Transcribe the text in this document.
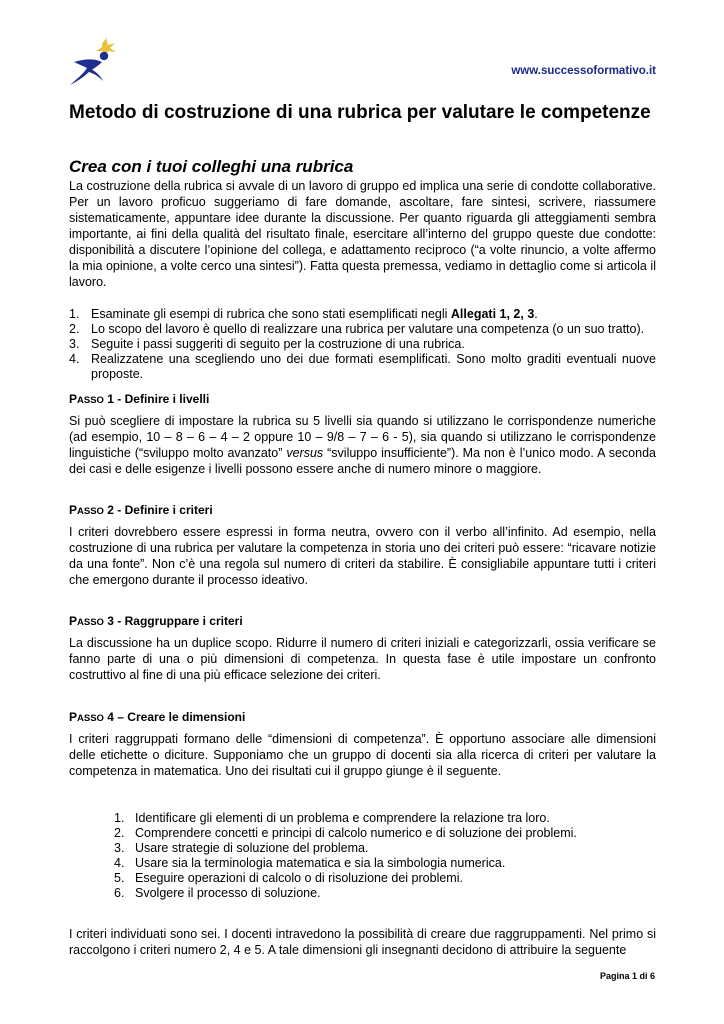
www.successoformativo.it
Metodo di costruzione di una rubrica per valutare le competenze
Crea con i tuoi colleghi una rubrica

La costruzione della rubrica si avvale di un lavoro di gruppo ed implica una serie di condotte collaborative. Per un lavoro proficuo suggeriamo di fare domande, ascoltare, fare sintesi, scrivere, riassumere sistematicamente, appuntare idee durante la discussione. Per quanto riguarda gli atteggiamenti sembra importante, ai fini della qualità del risultato finale, esercitare all’interno del gruppo queste due condotte: disponibilità a discutere l’opinione del collega, e adattamento reciproco (“a volte rinuncio, a volte affermo la mia opinione, a volte cerco una sintesi”). Fatta questa premessa, vediamo in dettaglio come si articola il lavoro.

1. Esaminate gli esempi di rubrica che sono stati esemplificati negli Allegati 1, 2, 3.
2. Lo scopo del lavoro è quello di realizzare una rubrica per valutare una competenza (o un suo tratto).
3. Seguite i passi suggeriti di seguito per la costruzione di una rubrica.
4. Realizzatene una scegliendo uno dei due formati esemplificati. Sono molto graditi eventuali nuove proposte.
PASSO 1 - Definire i livelli

Si può scegliere di impostare la rubrica su 5 livelli sia quando si utilizzano le corrispondenze numeriche (ad esempio, 10 – 8 – 6 – 4 – 2 oppure 10 – 9/8 – 7 – 6 - 5), sia quando si utilizzano le corrispondenze linguistiche (“sviluppo molto avanzato” versus “sviluppo insufficiente”). Ma non è l’unico modo. A seconda dei casi e delle esigenze i livelli possono essere anche di numero minore o maggiore.

PASSO 2 - Definire i criteri

I criteri dovrebbero essere espressi in forma neutra, ovvero con il verbo all’infinito. Ad esempio, nella costruzione di una rubrica per valutare la competenza in storia uno dei criteri può essere: “ricavare notizie da una fonte”. Non c’è una regola sul numero di criteri da stabilire. È consigliabile appuntare tutti i criteri che emergono durante il processo ideativo.

PASSO 3 - Raggruppare i criteri

La discussione ha un duplice scopo. Ridurre il numero di criteri iniziali e categorizzarli, ossia verificare se fanno parte di una o più dimensioni di competenza. In questa fase è utile impostare un confronto costruttivo al fine di una più efficace selezione dei criteri.

PASSO 4 – Creare le dimensioni

I criteri raggruppati formano delle “dimensioni di competenza”. È opportuno associare alle dimensioni delle etichette o diciture. Supponiamo che un gruppo di docenti sia alla ricerca di criteri per valutare la competenza in matematica. Uno dei risultati cui il gruppo giunge è il seguente.

1. Identificare gli elementi di un problema e comprendere la relazione tra loro.
2. Comprendere concetti e principi di calcolo numerico e di soluzione dei problemi.
3. Usare strategie di soluzione del problema.
4. Usare sia la terminologia matematica e sia la simbologia numerica.
5. Eseguire operazioni di calcolo o di risoluzione dei problemi.
6. Svolgere il processo di soluzione.

I criteri individuati sono sei. I docenti intravedono la possibilità di creare due raggruppamenti. Nel primo si raccolgono i criteri numero 2, 4 e 5. A tale dimensioni gli insegnanti decidono di attribuire la seguente

Pagina 1 di 6
